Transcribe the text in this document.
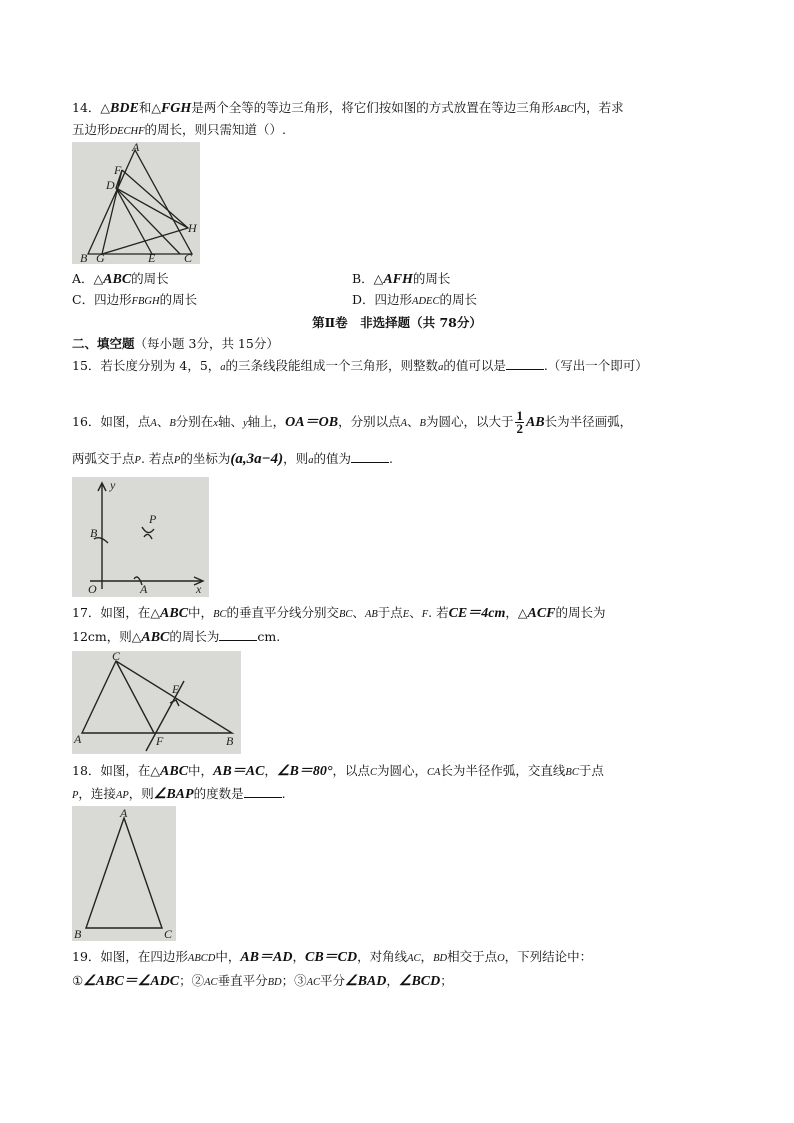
14．△BDE和△FGH是两个全等的等边三角形，将它们按如图的方式放置在等边三角形ABC内，若求
五边形DECHF的周长，则只需知道（）.
A
F
D
H
B G	E C
A．△ABC的周长	B．△AFH的周长
C．四边形FBGH的周长	D．四边形ADEC的周长
第Ⅱ卷　非选择题（共 78分）
二、填空题（每小题 3分，共 15分）
15．若长度分别为 4，5，a的三条线段能组成一个三角形，则整数a的值可以是	.（写出一个即可）
16．如图，点A、B分别在x轴、y轴上，OA＝OB，分别以点A、B为圆心，以大于 $\frac{1}{2}$ AB长为半径画弧，
两弧交于点P. 若点P的坐标为(a,3a−4)，则a的值为	.
y
B
P
O	A	x
17．如图，在△ABC中，BC的垂直平分线分别交BC、AB于点E、F. 若CE＝4cm，△ACF的周长为
12cm，则△ABC的周长为	cm.
C
E
A	F	B
18．如图，在△ABC中，AB＝AC，∠B＝80°，以点C为圆心，CA长为半径作弧，交直线BC于点
P，连接AP，则∠BAP的度数是	.
A
B	C
19．如图，在四边形ABCD中，AB＝AD，CB＝CD，对角线AC，BD相交于点O，下列结论中：
①∠ABC＝∠ADC；②AC垂直平分BD；③AC平分∠BAD，∠BCD；
